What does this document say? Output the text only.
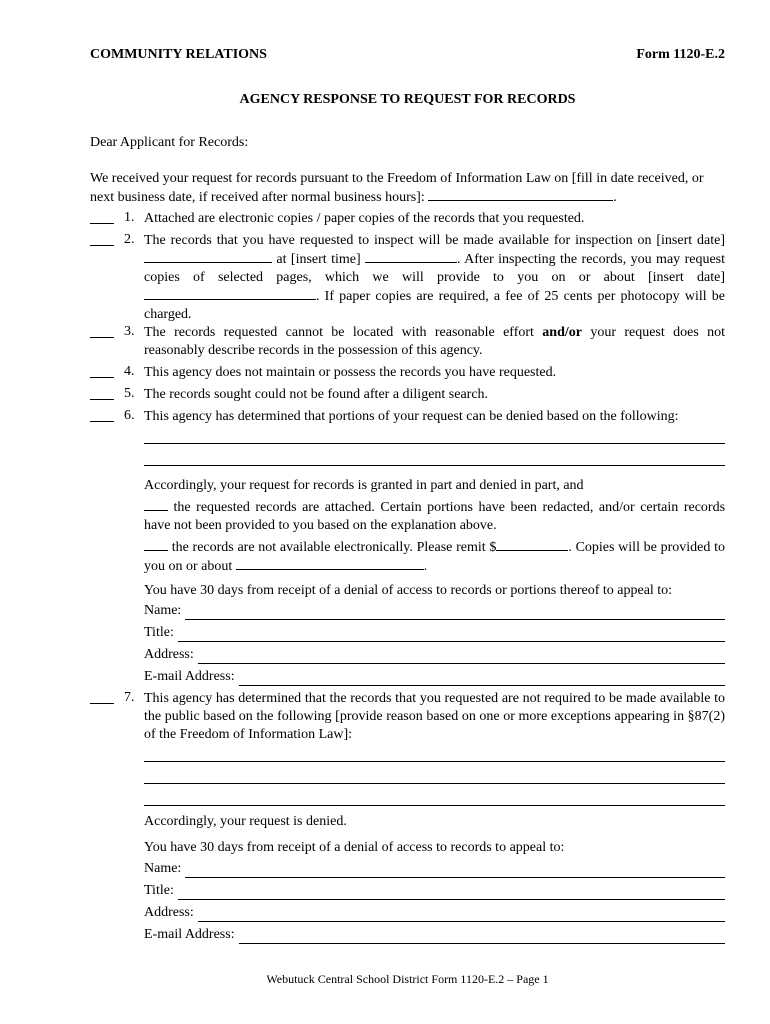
COMMUNITY RELATIONS	Form 1120-E.2
AGENCY RESPONSE TO REQUEST FOR RECORDS
Dear Applicant for Records:
We received your request for records pursuant to the Freedom of Information Law on [fill in date received, or next business date, if received after normal business hours]:	.
1. Attached are electronic copies / paper copies of the records that you requested.
2. The records that you have requested to inspect will be made available for inspection on [insert date]  at [insert time]	. After inspecting the records, you may request copies of selected pages, which we will provide to you on or about [insert date] . If paper copies are required, a fee of 25 cents per photocopy will be charged.
3. The records requested cannot be located with reasonable effort and/or your request does not reasonably describe records in the possession of this agency.
4. This agency does not maintain or possess the records you have requested.
5. The records sought could not be found after a diligent search.
6. This agency has determined that portions of your request can be denied based on the following:
Accordingly, your request for records is granted in part and denied in part, and
the requested records are attached. Certain portions have been redacted, and/or certain records have not been provided to you based on the explanation above.
the records are not available electronically. Please remit $	. Copies will be provided to you on or about	.
You have 30 days from receipt of a denial of access to records or portions thereof to appeal to:
Name:
Title:
Address:
E-mail Address:
7. This agency has determined that the records that you requested are not required to be made available to the public based on the following [provide reason based on one or more exceptions appearing in §87(2) of the Freedom of Information Law]:
Accordingly, your request is denied.
You have 30 days from receipt of a denial of access to records to appeal to:
Name:
Title:
Address:
E-mail Address:
Webutuck Central School District Form 1120-E.2 – Page 1
